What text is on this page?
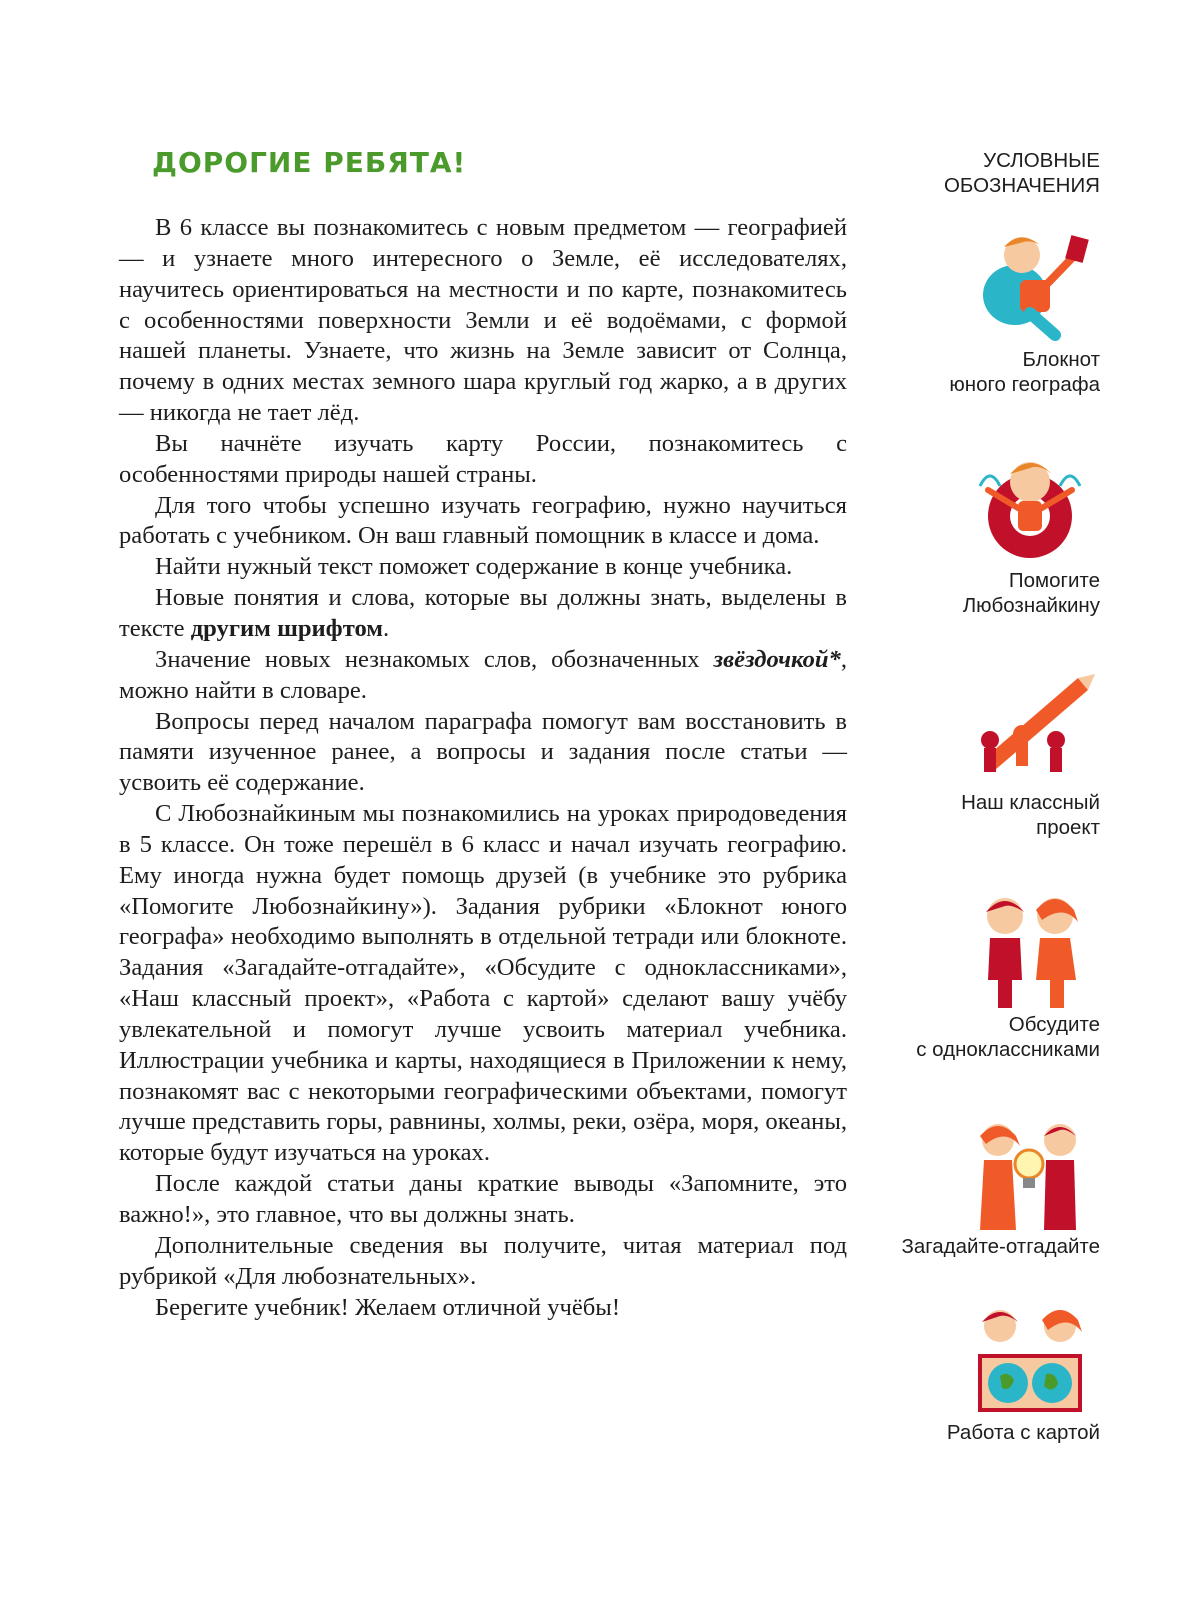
ДОРОГИЕ РЕБЯТА!

В 6 классе вы познакомитесь с новым предметом — географией — и узнаете много интересного о Земле, её исследователях, научитесь ориентироваться на местности и по карте, познакомитесь с особенностями поверхности Земли и её водоёмами, с формой нашей планеты. Узнаете, что жизнь на Земле зависит от Солнца, почему в одних местах земного шара круглый год жарко, а в других — никогда не тает лёд.

Вы начнёте изучать карту России, познакомитесь с особенностями природы нашей страны.

Для того чтобы успешно изучать географию, нужно научиться работать с учебником. Он ваш главный помощник в классе и дома.

Найти нужный текст поможет содержание в конце учебника.

Новые понятия и слова, которые вы должны знать, выделены в тексте другим шрифтом.

Значение новых незнакомых слов, обозначенных звёздочкой*, можно найти в словаре.

Вопросы перед началом параграфа помогут вам восстановить в памяти изученное ранее, а вопросы и задания после статьи — усвоить её содержание.

С Любознайкиным мы познакомились на уроках природоведения в 5 классе. Он тоже перешёл в 6 класс и начал изучать географию. Ему иногда нужна будет помощь друзей (в учебнике это рубрика «Помогите Любознайкину»). Задания рубрики «Блокнот юного географа» необходимо выполнять в отдельной тетради или блокноте. Задания «Загадайте-отгадайте», «Обсудите с одноклассниками», «Наш классный проект», «Работа с картой» сделают вашу учёбу увлекательной и помогут лучше усвоить материал учебника. Иллюстрации учебника и карты, находящиеся в Приложении к нему, познакомят вас с некоторыми географическими объектами, помогут лучше представить горы, равнины, холмы, реки, озёра, моря, океаны, которые будут изучаться на уроках.

После каждой статьи даны краткие выводы «Запомните, это важно!», это главное, что вы должны знать.

Дополнительные сведения вы получите, читая материал под рубрикой «Для любознательных».

Берегите учебник! Желаем отличной учёбы!

УСЛОВНЫЕ
ОБОЗНАЧЕНИЯ
Блокнот
юного географа
Помогите
Любознайкину
Наш классный
проект
Обсудите
с одноклассниками
Загадайте-отгадайте
Работа с картой
